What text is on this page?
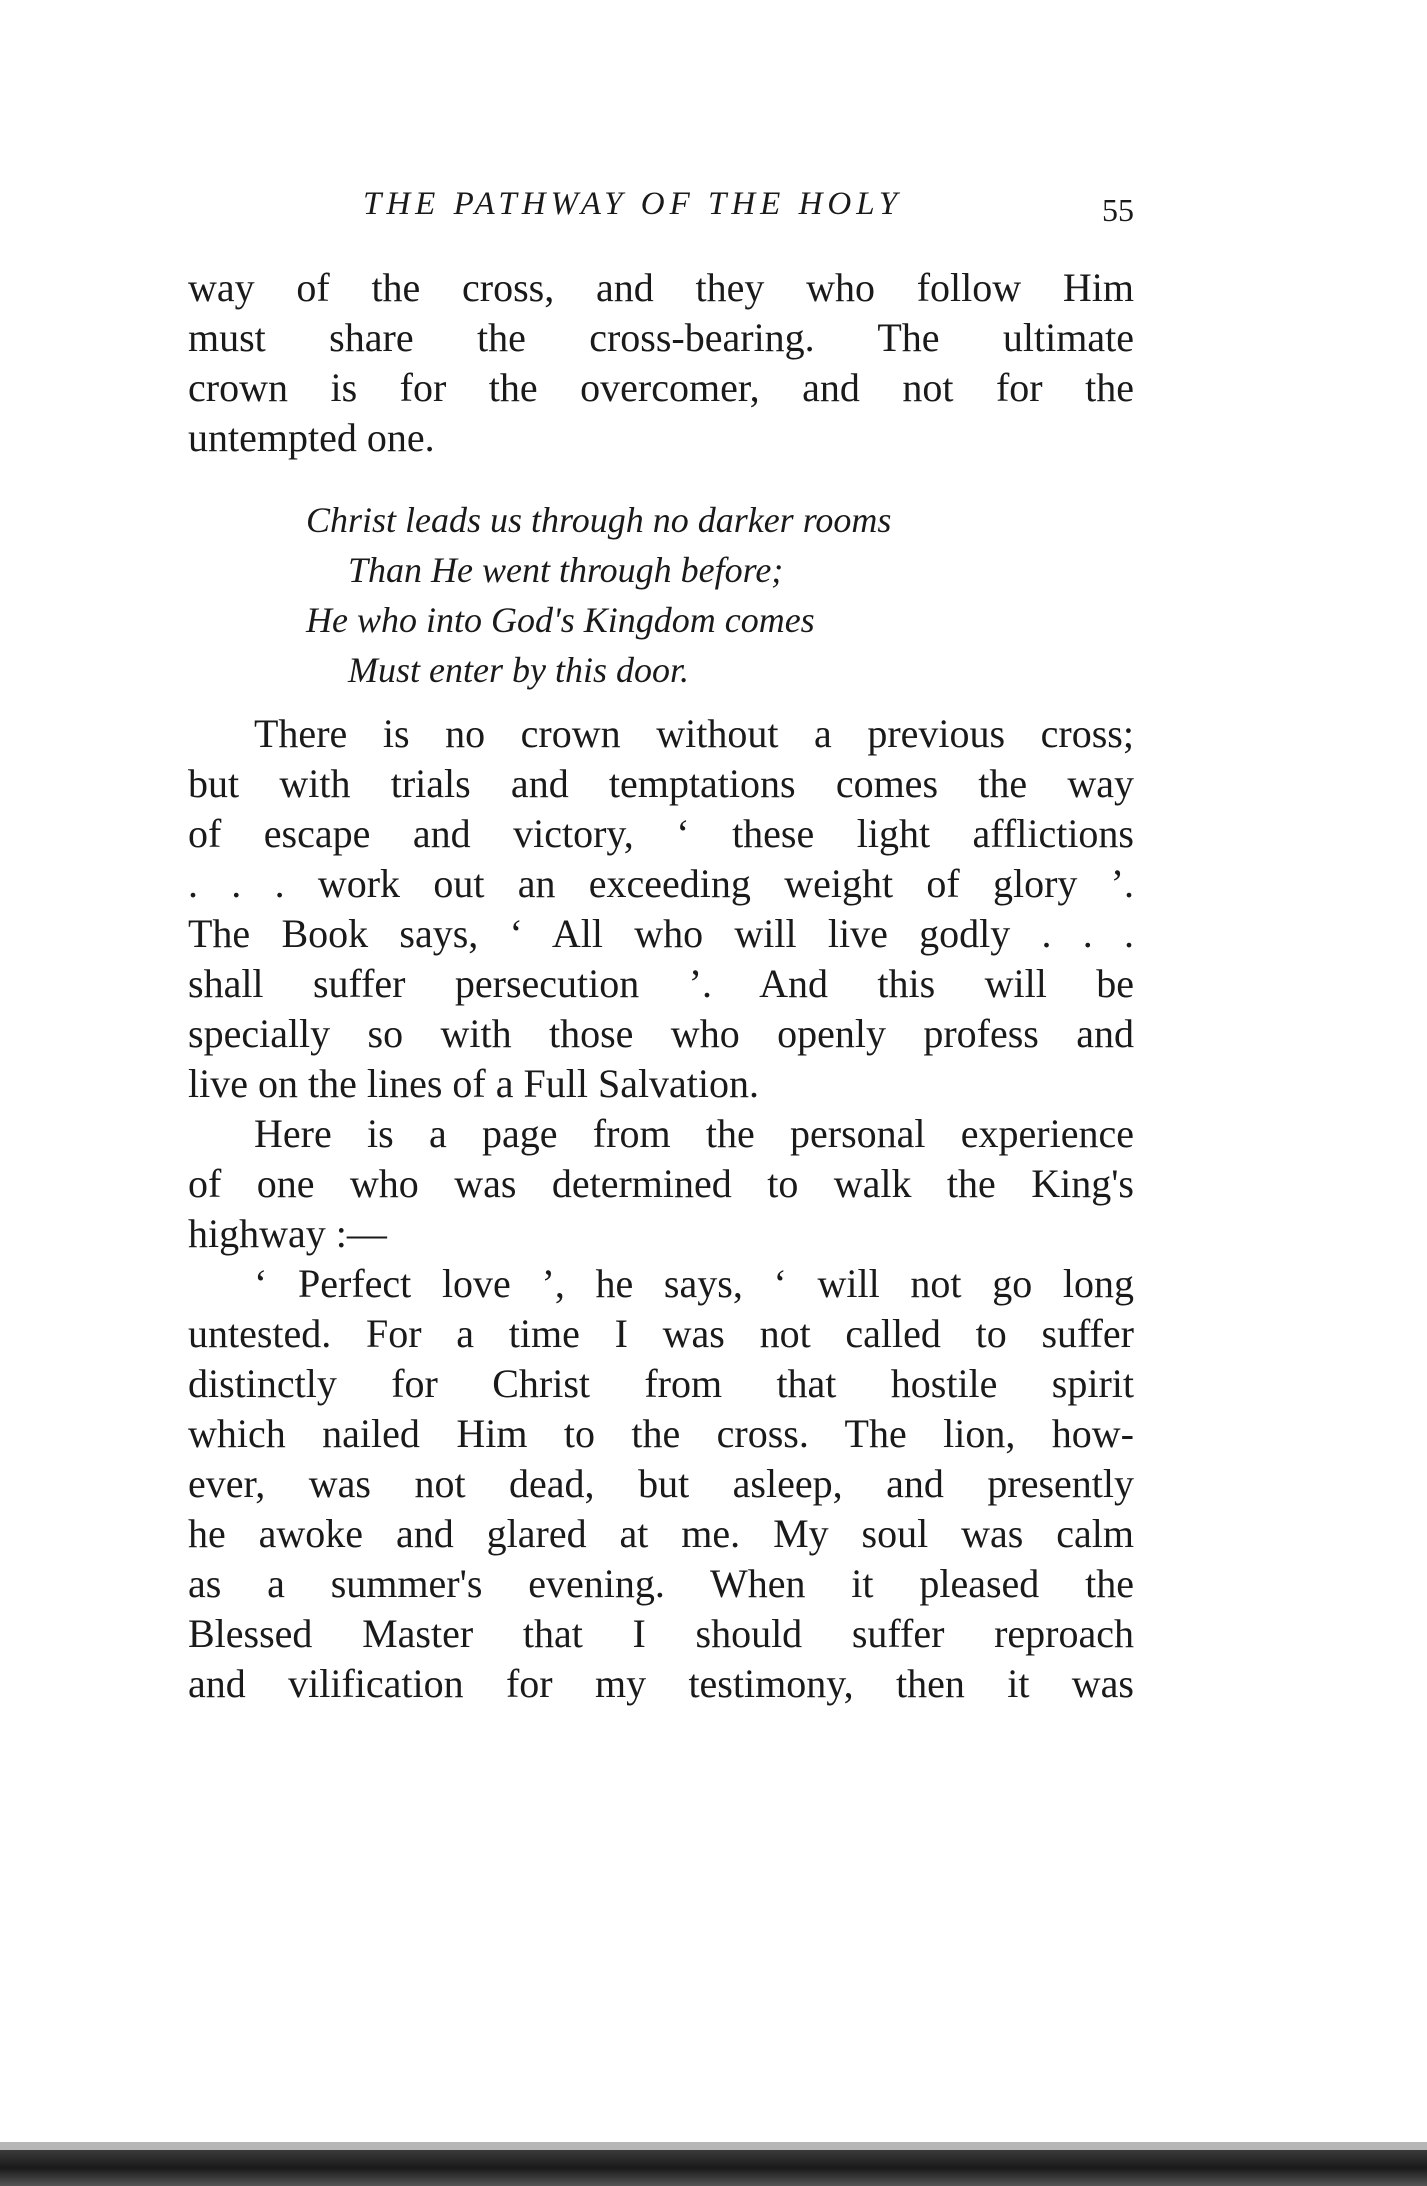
THE PATHWAY OF THE HOLY	55
way of the cross, and they who follow Him
must share the cross-bearing. The ultimate
crown is for the overcomer, and not for the
untempted one.
Christ leads us through no darker rooms
Than He went through before;
He who into God's Kingdom comes
Must enter by this door.
There is no crown without a previous cross;
but with trials and temptations comes the way
of escape and victory, ‘ these light afflictions
. . . work out an exceeding weight of glory ’.
The Book says, ‘ All who will live godly . . .
shall suffer persecution ’. And this will be
specially so with those who openly profess and
live on the lines of a Full Salvation.
Here is a page from the personal experience
of one who was determined to walk the King's
highway :—
‘ Perfect love ’, he says, ‘ will not go long
untested. For a time I was not called to suffer
distinctly for Christ from that hostile spirit
which nailed Him to the cross. The lion, how-
ever, was not dead, but asleep, and presently
he awoke and glared at me. My soul was calm
as a summer's evening. When it pleased the
Blessed Master that I should suffer reproach
and vilification for my testimony, then it was
